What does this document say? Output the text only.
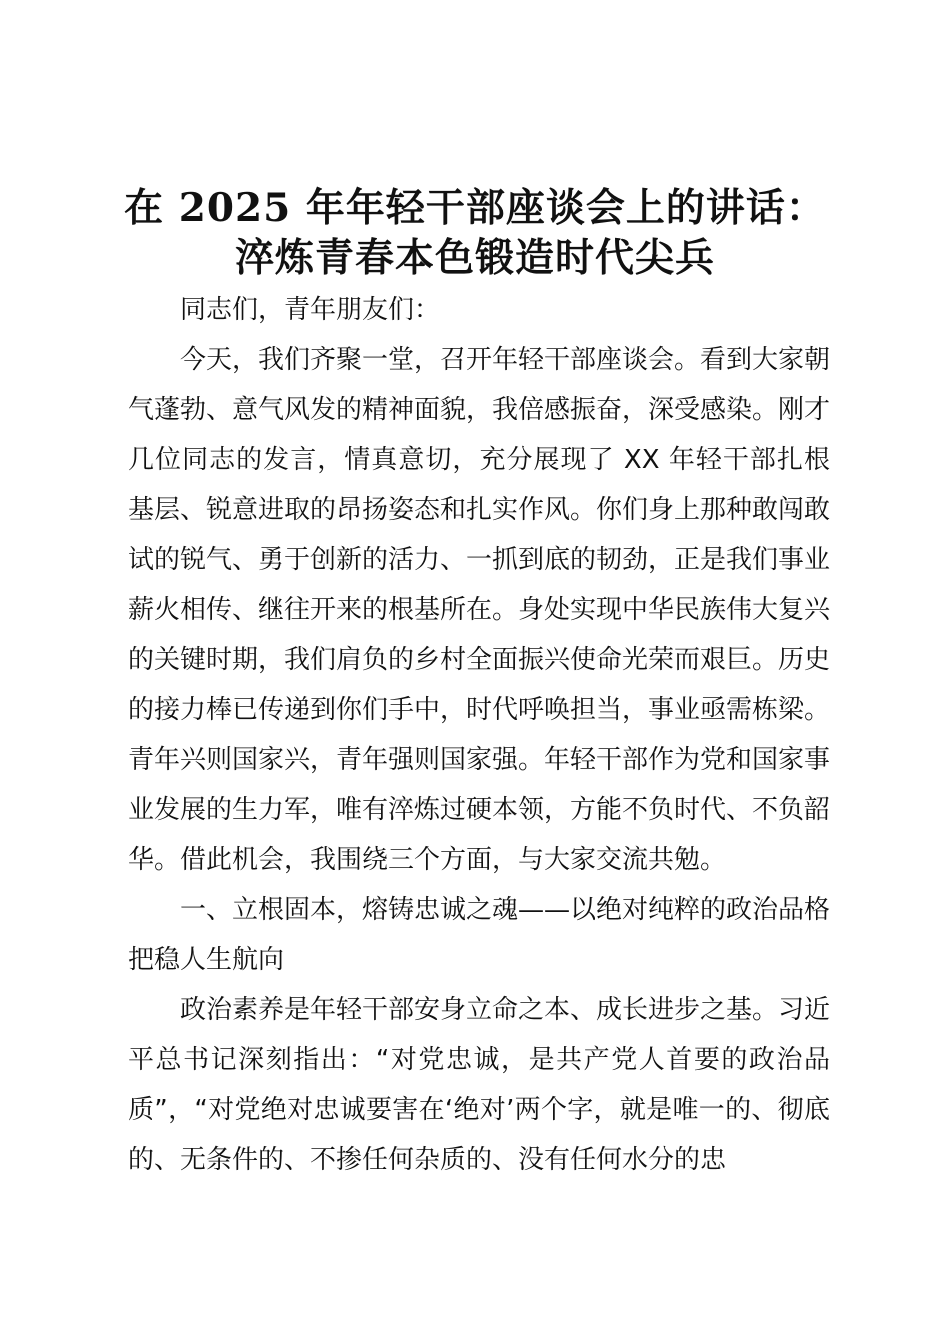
在 2025 年年轻干部座谈会上的讲话：
淬炼青春本色锻造时代尖兵

同志们，青年朋友们：

今天，我们齐聚一堂，召开年轻干部座谈会。看到大家朝气蓬勃、意气风发的精神面貌，我倍感振奋，深受感染。刚才几位同志的发言，情真意切，充分展现了 XX 年轻干部扎根基层、锐意进取的昂扬姿态和扎实作风。你们身上那种敢闯敢试的锐气、勇于创新的活力、一抓到底的韧劲，正是我们事业薪火相传、继往开来的根基所在。身处实现中华民族伟大复兴的关键时期，我们肩负的乡村全面振兴使命光荣而艰巨。历史的接力棒已传递到你们手中，时代呼唤担当，事业亟需栋梁。青年兴则国家兴，青年强则国家强。年轻干部作为党和国家事业发展的生力军，唯有淬炼过硬本领，方能不负时代、不负韶华。借此机会，我围绕三个方面，与大家交流共勉。

一、立根固本，熔铸忠诚之魂——以绝对纯粹的政治品格把稳人生航向

政治素养是年轻干部安身立命之本、成长进步之基。习近平总书记深刻指出：“对党忠诚，是共产党人首要的政治品质”，“对党绝对忠诚要害在‘绝对’两个字，就是唯一的、彻底的、无条件的、不掺任何杂质的、没有任何水分的忠
